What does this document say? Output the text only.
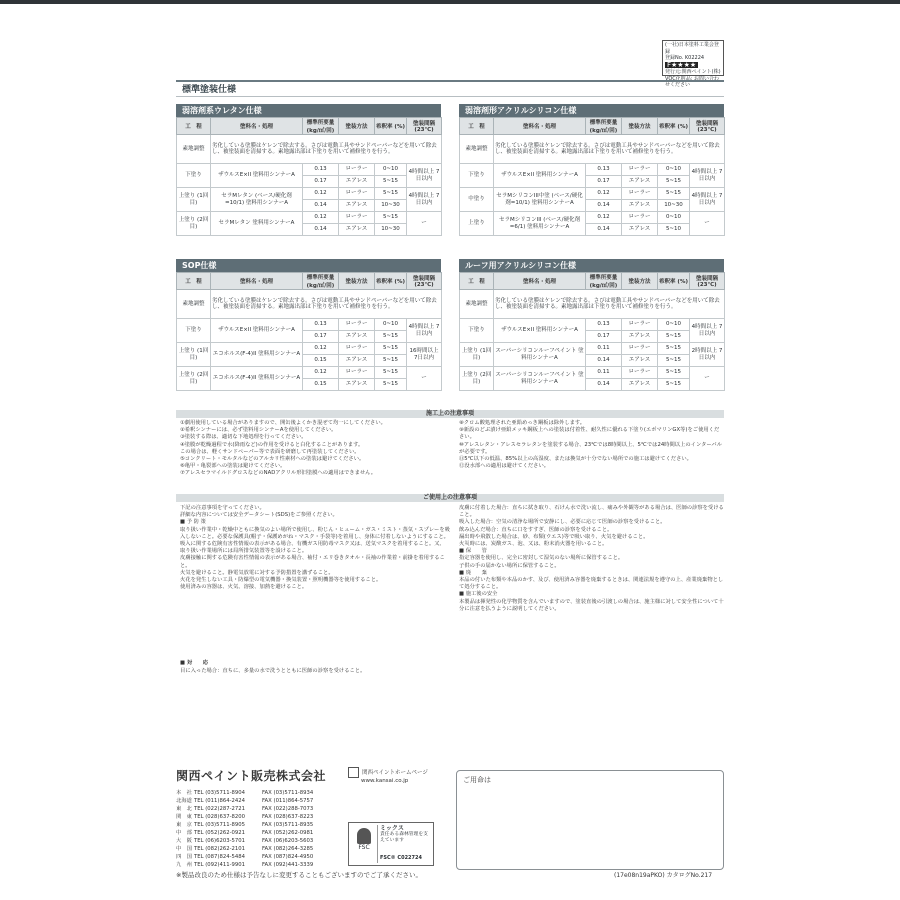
(一社)日本塗料工業会登録
登録No. K02224
F★★★★
発行元:関西ペイント(株)
VOC化粧品: お問い合わせください
標準塗装仕様
弱溶剤系ウレタン仕様
工　程	塗料名・処理	標準所要量 (kg/㎡/回)	塗装方法	希釈率 (%)	塗装間隔 (23℃)
素地調整	劣化している塗膜はケレンで除去する。さびは電動工具やサンドペーパーなどを用いて除去し、被塗装面を清掃する。素地露出部は下塗りを用いて補修塗りを行う。				
下塗り	ザウルスE×II 塗料用シンナーA	0.13	ローラー	0~10	4時間以上 7日以内
		0.17	エアレス	5~15	
上塗り (1回目)	セラMレタン (ベース/硬化剤=10/1) 塗料用シンナーA	0.12	ローラー	5~15	4時間以上 7日以内
		0.14	エアレス	10~30	
上塗り (2回目)	セラMレタン 塗料用シンナーA	0.12	ローラー	5~15	ー
		0.14	エアレス	10~30	
弱溶剤形アクリルシリコン仕様
工　程	塗料名・処理	標準所要量 (kg/㎡/回)	塗装方法	希釈率 (%)	塗装間隔 (23℃)
素地調整	劣化している塗膜はケレンで除去する。さびは電動工具やサンドペーパーなどを用いて除去し、被塗装面を清掃する。素地露出部は下塗りを用いて補修塗りを行う。				
下塗り	ザウルスE×II 塗料用シンナーA	0.13	ローラー	0~10	4時間以上 7日以内
		0.17	エアレス	5~15	
中塗り	セラMシリコンIII中塗 (ベース/硬化剤=10/1) 塗料用シンナーA	0.12	ローラー	5~15	4時間以上 7日以内
		0.14	エアレス	10~30	
上塗り	セラMシリコンIII (ベース/硬化剤=6/1) 塗料用シンナーA	0.12	ローラー	0~10	ー
		0.14	エアレス	5~10	
SOP仕様
工　程	塗料名・処理	標準所要量 (kg/㎡/回)	塗装方法	希釈率 (%)	塗装間隔 (23℃)
素地調整	劣化している塗膜はケレンで除去する。さびは電動工具やサンドペーパーなどを用いて除去し、被塗装面を清掃する。素地露出部は下塗りを用いて補修塗りを行う。				
下塗り	ザウルスE×II 塗料用シンナーA	0.13	ローラー	0~10	4時間以上 7日以内
		0.17	エアレス	5~15	
上塗り (1回目)	エコホルス(F-4)II 塗料用シンナーA	0.12	ローラー	5~15	16時間以上 7日以内
		0.15	エアレス	5~15	
上塗り (2回目)	エコホルス(F-4)II 塗料用シンナーA	0.12	ローラー	5~15	ー
		0.15	エアレス	5~15	
ルーフ用アクリルシリコン仕様
工　程	塗料名・処理	標準所要量 (kg/㎡/回)	塗装方法	希釈率 (%)	塗装間隔 (23℃)
素地調整	劣化している塗膜はケレンで除去する。さびは電動工具やサンドペーパーなどを用いて除去し、被塗装面を清掃する。素地露出部は下塗りを用いて補修塗りを行う。				
下塗り	ザウルスE×II 塗料用シンナーA	0.13	ローラー	0~10	4時間以上 7日以内
		0.17	エアレス	5~15	
上塗り (1回目)	スーパーシリコンルーフペイント 塗料用シンナーA	0.11	ローラー	5~15	2時間以上 7日以内
		0.14	エアレス	5~15	
上塗り (2回目)	スーパーシリコンルーフペイント 塗料用シンナーA	0.11	ローラー	5~15	ー
		0.14	エアレス	5~15	
施工上の注意事項
①劇用使用している場合がありますので、開缶後よくかき混ぜて均一にしてください。
②希釈シンナーには、必ず塗料用シンナーAを使用してください。
③塗装する際は、適切な下地処理を行ってください。
④塗膜が乾燥過程で水(降雨など)の作用を受けると白化することがあります。
この場合は、軽くサンドペーパー等で表面を研磨して再塗装してください。
⑤コンクリート・モルタルなどのアルカリ性素材への塗装は避けてください。
⑥亀甲・亀裂部への塗装は避けてください。
⑦アレスセラマイルドグロスなどのNADアクリル形旧塗膜への適用はできません。
⑧クロム酸処理された亜鉛めっき鋼板は除外します。
⑨新設のどぶ漬け亜鉛メッキ鋼板上への塗装は付着性、耐久性に優れる下塗り(エポマリンGX等)をご使用ください。
⑩アレスレタン・アレスセラレタンを塗装する場合、23℃では8時間以上、5℃では24時間以上のインターバルが必要です。
⑪5℃以下の低温、85%以上の高湿度、または換気が十分でない場所での施工は避けてください。
⑫没水部への適用は避けてください。
ご使用上の注意事項
下記の注意事項を守ってください。
詳細な内容については安全データシート(SDS)をご参照ください。
■ 予 防 策
取り扱い作業中・乾燥中ともに換気のよい場所で使用し、粉じん・ヒューム・ガス・ミスト・蒸気・スプレーを吸入しないこと。必要な保護具(帽子・保護めがね・マスク・手袋等)を着用し、身体に付着しないようにすること。
吸入に関する危険有害性情報の表示がある場合、有機ガス用防毒マスク又は、送気マスクを着用すること。又、取り扱い作業場所には局所排気装置等を設けること。
皮膚接触に関する危険有害性情報の表示がある場合、袖付・エリ巻きタオル・長袖の作業着・前掛を着用すること。
火気を避けること。静電気放電に対する予防措置を講ずること。
火花を発生しない工具・防爆型の電気機器・換気装置・照明機器等を使用すること。
使用済みの容器は、火気、溶接、加熱を避けること。
■ 対　　応
目に入った場合：直ちに、多量の水で洗うとともに医師の診察を受けること。
皮膚に付着した場合：直ちに拭き取り、石けん水で洗い流し、痛みや外観等がある場合は、医師の診察を受けること。
吸入した場合：空気の清浄な場所で安静にし、必要に応じて医師の診察を受けること。
飲み込んだ場合：直ちに口をすすぎ、医師の診察を受けること。
漏出時や飛散した場合は、砂、布類(ウエス)等で吸い取り、火気を避けること。
火災時には、炭酸ガス、泡、又は、粉末消火器を用いること。
■ 保　　管
指定容器を使用し、完全に密封して湿気のない場所に保管すること。
子供の手の届かない場所に保管すること。
■ 廃　　棄
本品の付いた布類や本品のかす、及び、使用済み容器を廃棄するときは、関連法規を遵守の上、産業廃棄物として処分すること。
■ 施工後の安全
本製品は揮発性の化学物質を含んでいますので、塗装直後の引渡しの場合は、施主様に対して安全性について十分に注意を払うように説明してください。
関西ペイント販売株式会社	関西ペイントホームページ
www.kansai.co.jp
本　社 TEL (03)5711-8904	FAX (03)5711-8934
北海道 TEL (011)864-2424	FAX (011)864-5757
東　北 TEL (022)287-2721	FAX (022)288-7073
関　東 TEL (028)637-8200	FAX (028)637-8223
東　京 TEL (03)5711-8905	FAX (03)5711-8935
中　部 TEL (052)262-0921	FAX (052)262-0981
大　阪 TEL (06)6203-5701	FAX (06)6203-5603
中　国 TEL (082)262-2101	FAX (082)264-3285
四　国 TEL (087)824-5484	FAX (087)824-4950
九　州 TEL (092)411-9901	FAX (092)441-3339
FSC
ミックス
責任ある森林管理を支えています
FSC® C022724
ご用命は
※製品改良のため仕様は予告なしに変更することもございますのでご了承ください。	(17e08n19aPKO) カタログNo.217
